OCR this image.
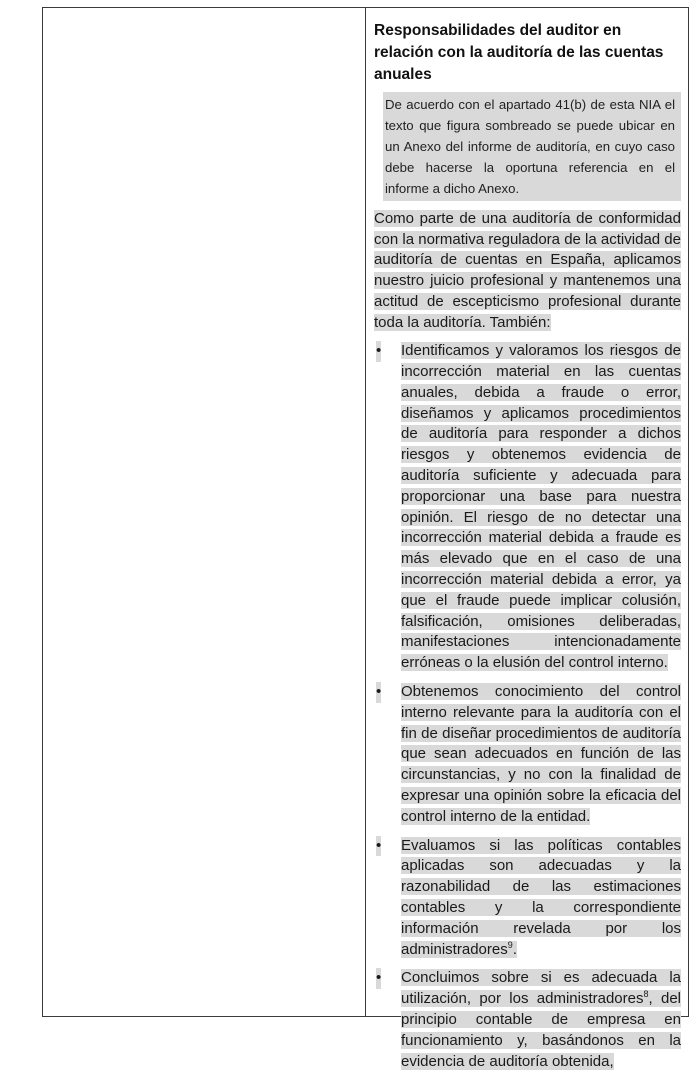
Responsabilidades del auditor en relación con la auditoría de las cuentas anuales
De acuerdo con el apartado 41(b) de esta NIA el texto que figura sombreado se puede ubicar en un Anexo del informe de auditoría, en cuyo caso debe hacerse la oportuna referencia en el informe a dicho Anexo.
Como parte de una auditoría de conformidad con la normativa reguladora de la actividad de auditoría de cuentas en España, aplicamos nuestro juicio profesional y mantenemos una actitud de escepticismo profesional durante toda la auditoría. También:
• Identificamos y valoramos los riesgos de incorrección material en las cuentas anuales, debida a fraude o error, diseñamos y aplicamos procedimientos de auditoría para responder a dichos riesgos y obtenemos evidencia de auditoría suficiente y adecuada para proporcionar una base para nuestra opinión. El riesgo de no detectar una incorrección material debida a fraude es más elevado que en el caso de una incorrección material debida a error, ya que el fraude puede implicar colusión, falsificación, omisiones deliberadas, manifestaciones intencionadamente erróneas o la elusión del control interno.
• Obtenemos conocimiento del control interno relevante para la auditoría con el fin de diseñar procedimientos de auditoría que sean adecuados en función de las circunstancias, y no con la finalidad de expresar una opinión sobre la eficacia del control interno de la entidad.
• Evaluamos si las políticas contables aplicadas son adecuadas y la razonabilidad de las estimaciones contables y la correspondiente información revelada por los administradores$^9$.
• Concluimos sobre si es adecuada la utilización, por los administradores$^8$, del principio contable de empresa en funcionamiento y, basándonos en la evidencia de auditoría obtenida,
